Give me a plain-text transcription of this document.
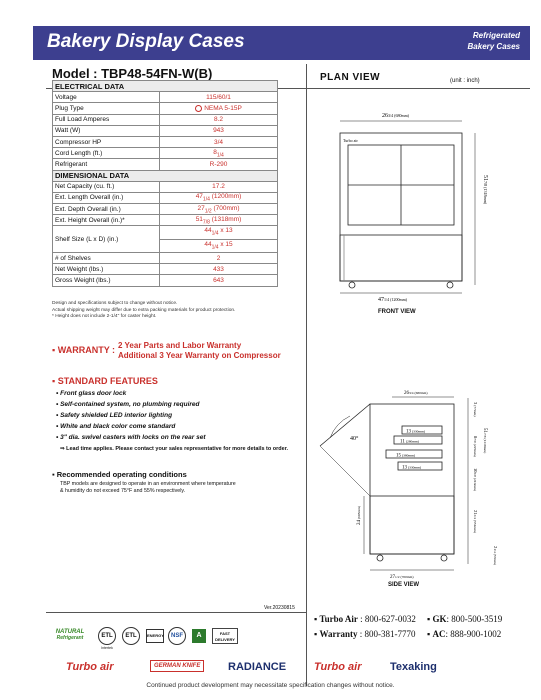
Bakery Display Cases	Refrigerated
Bakery Cases
Model : TBP48-54FN-W(B)
ELECTRICAL DATA	
Voltage	115/60/1
Plug Type	NEMA 5-15P
Full Load Amperes	8.2
Watt (W)	943
Compressor HP	3/4
Cord Length (ft.)	$8_{1/4}$
Refrigerant	R-290
DIMENSIONAL DATA	
Net Capacity (cu. ft.)	17.2
Ext. Length Overall (in.)	$47_{1/4}$ (1200mm)
Ext. Depth Overall (in.)	$27_{1/2}$ (700mm)
Ext. Height Overall (in.)*	$51_{7/8}$ (1318mm)
Shelf Size (L x D) (in.)	$44_{1/4}$ x 13
$44_{1/4}$ x 15

# of Shelves	2
Net Weight (lbs.)	433
Gross Weight (lbs.)	643
Design and specifications subject to change without notice.
Actual shipping weight may differ due to extra packing materials for product protection.
* Height does not include 2-1/4" for caster height.
▪ WARRANTY : 2 Year Parts and Labor Warranty
Additional 3 Year Warranty on Compressor
▪ STANDARD FEATURES
• Front glass door lock
• Self-contained system, no plumbing required
• Safety shielded LED interior lighting
• White and black color come standard
• 3" dia. swivel casters with locks on the rear set
⇒ Lead time applies. Please contact your sales representative for more details to order.
▪ Recommended operating conditions
TBP models are designed to operate in an environment where temperature
& humidity do not exceed 75°F and 55% respectively.
Ver.20230815
NATURAL
Refrigerant	ETL	ETL	ENERGY	NSF	A	FAST
DELIVERY
Intertek
▪ Turbo Air : 800-627-0032 ▪ GK: 800-500-3519
▪ Warranty : 800-381-7770 ▪ AC: 888-900-1002
Turbo air	GERMAN KNIFE	RADIANCE	Turbo air	Texaking
Continued product development may necessitate specification changes without notice.
PLAN VIEW	(unit : inch)
Turbo air
263/4(680mm)
471/4(1200mm)
517/8(1318mm)
FRONT VIEW
263/4(680mm)
271/2(700mm)
40°
13(330mm)
11(280mm)
15(380mm)
13(330mm)
3(77mm)
87/8(225mm)
103/8(210mm)
213/4(551mm)
517/8(1318mm)
21/4(57mm)
24(608mm)
SIDE VIEW
